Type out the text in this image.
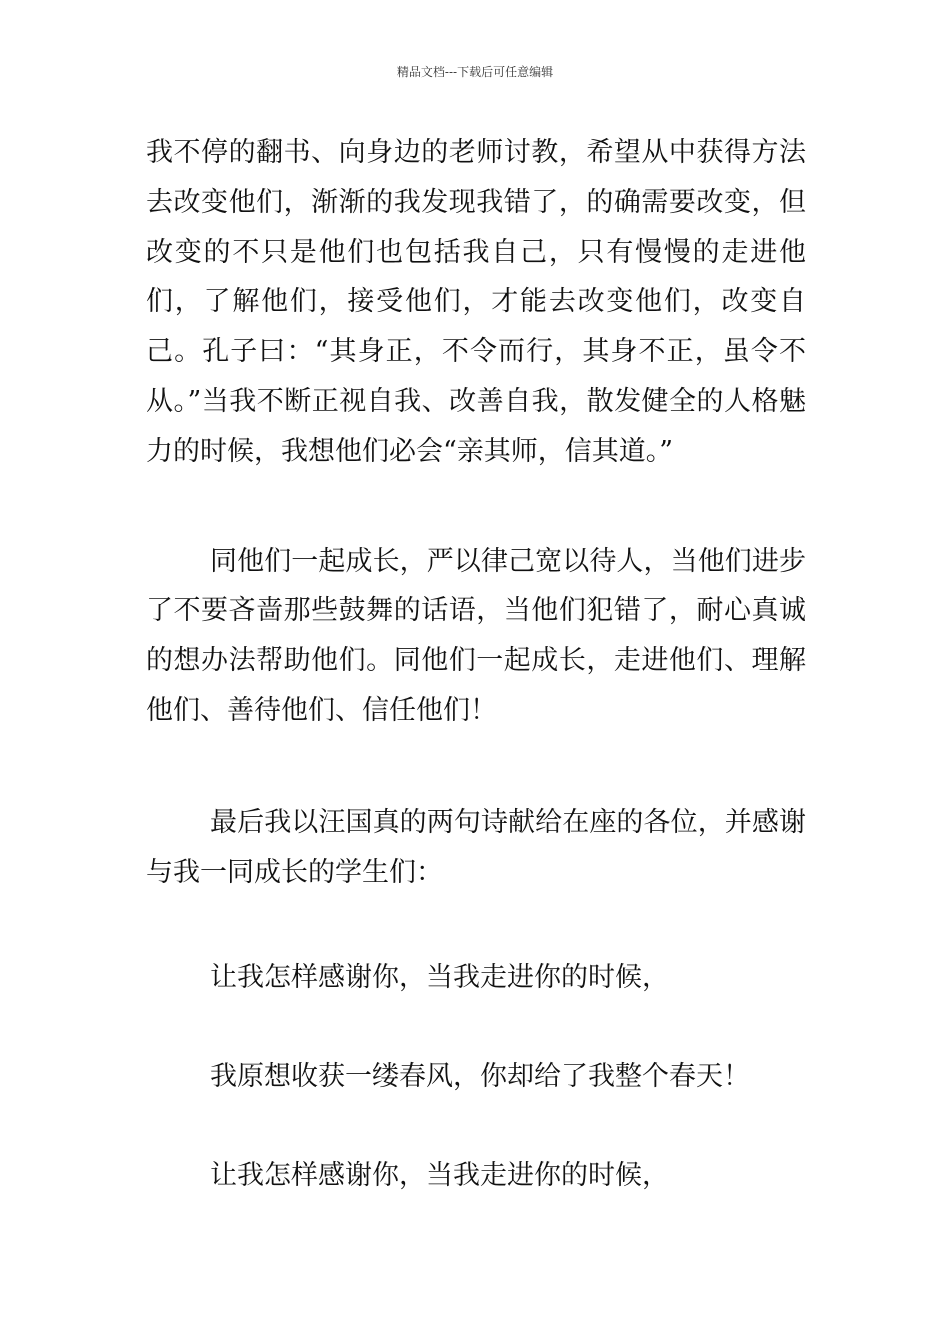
精品文档---下载后可任意编辑

我不停的翻书、向身边的老师讨教，希望从中获得方法去改变他们，渐渐的我发现我错了，的确需要改变，但改变的不只是他们也包括我自己，只有慢慢的走进他们，了解他们，接受他们，才能去改变他们，改变自己。孔子曰：“其身正，不令而行，其身不正，虽令不从。”当我不断正视自我、改善自我，散发健全的人格魅力的时候，我想他们必会“亲其师，信其道。”

同他们一起成长，严以律己宽以待人，当他们进步了不要吝啬那些鼓舞的话语，当他们犯错了，耐心真诚的想办法帮助他们。同他们一起成长，走进他们、理解他们、善待他们、信任他们！

最后我以汪国真的两句诗献给在座的各位，并感谢与我一同成长的学生们：

让我怎样感谢你，当我走进你的时候，

我原想收获一缕春风，你却给了我整个春天！

让我怎样感谢你，当我走进你的时候，
